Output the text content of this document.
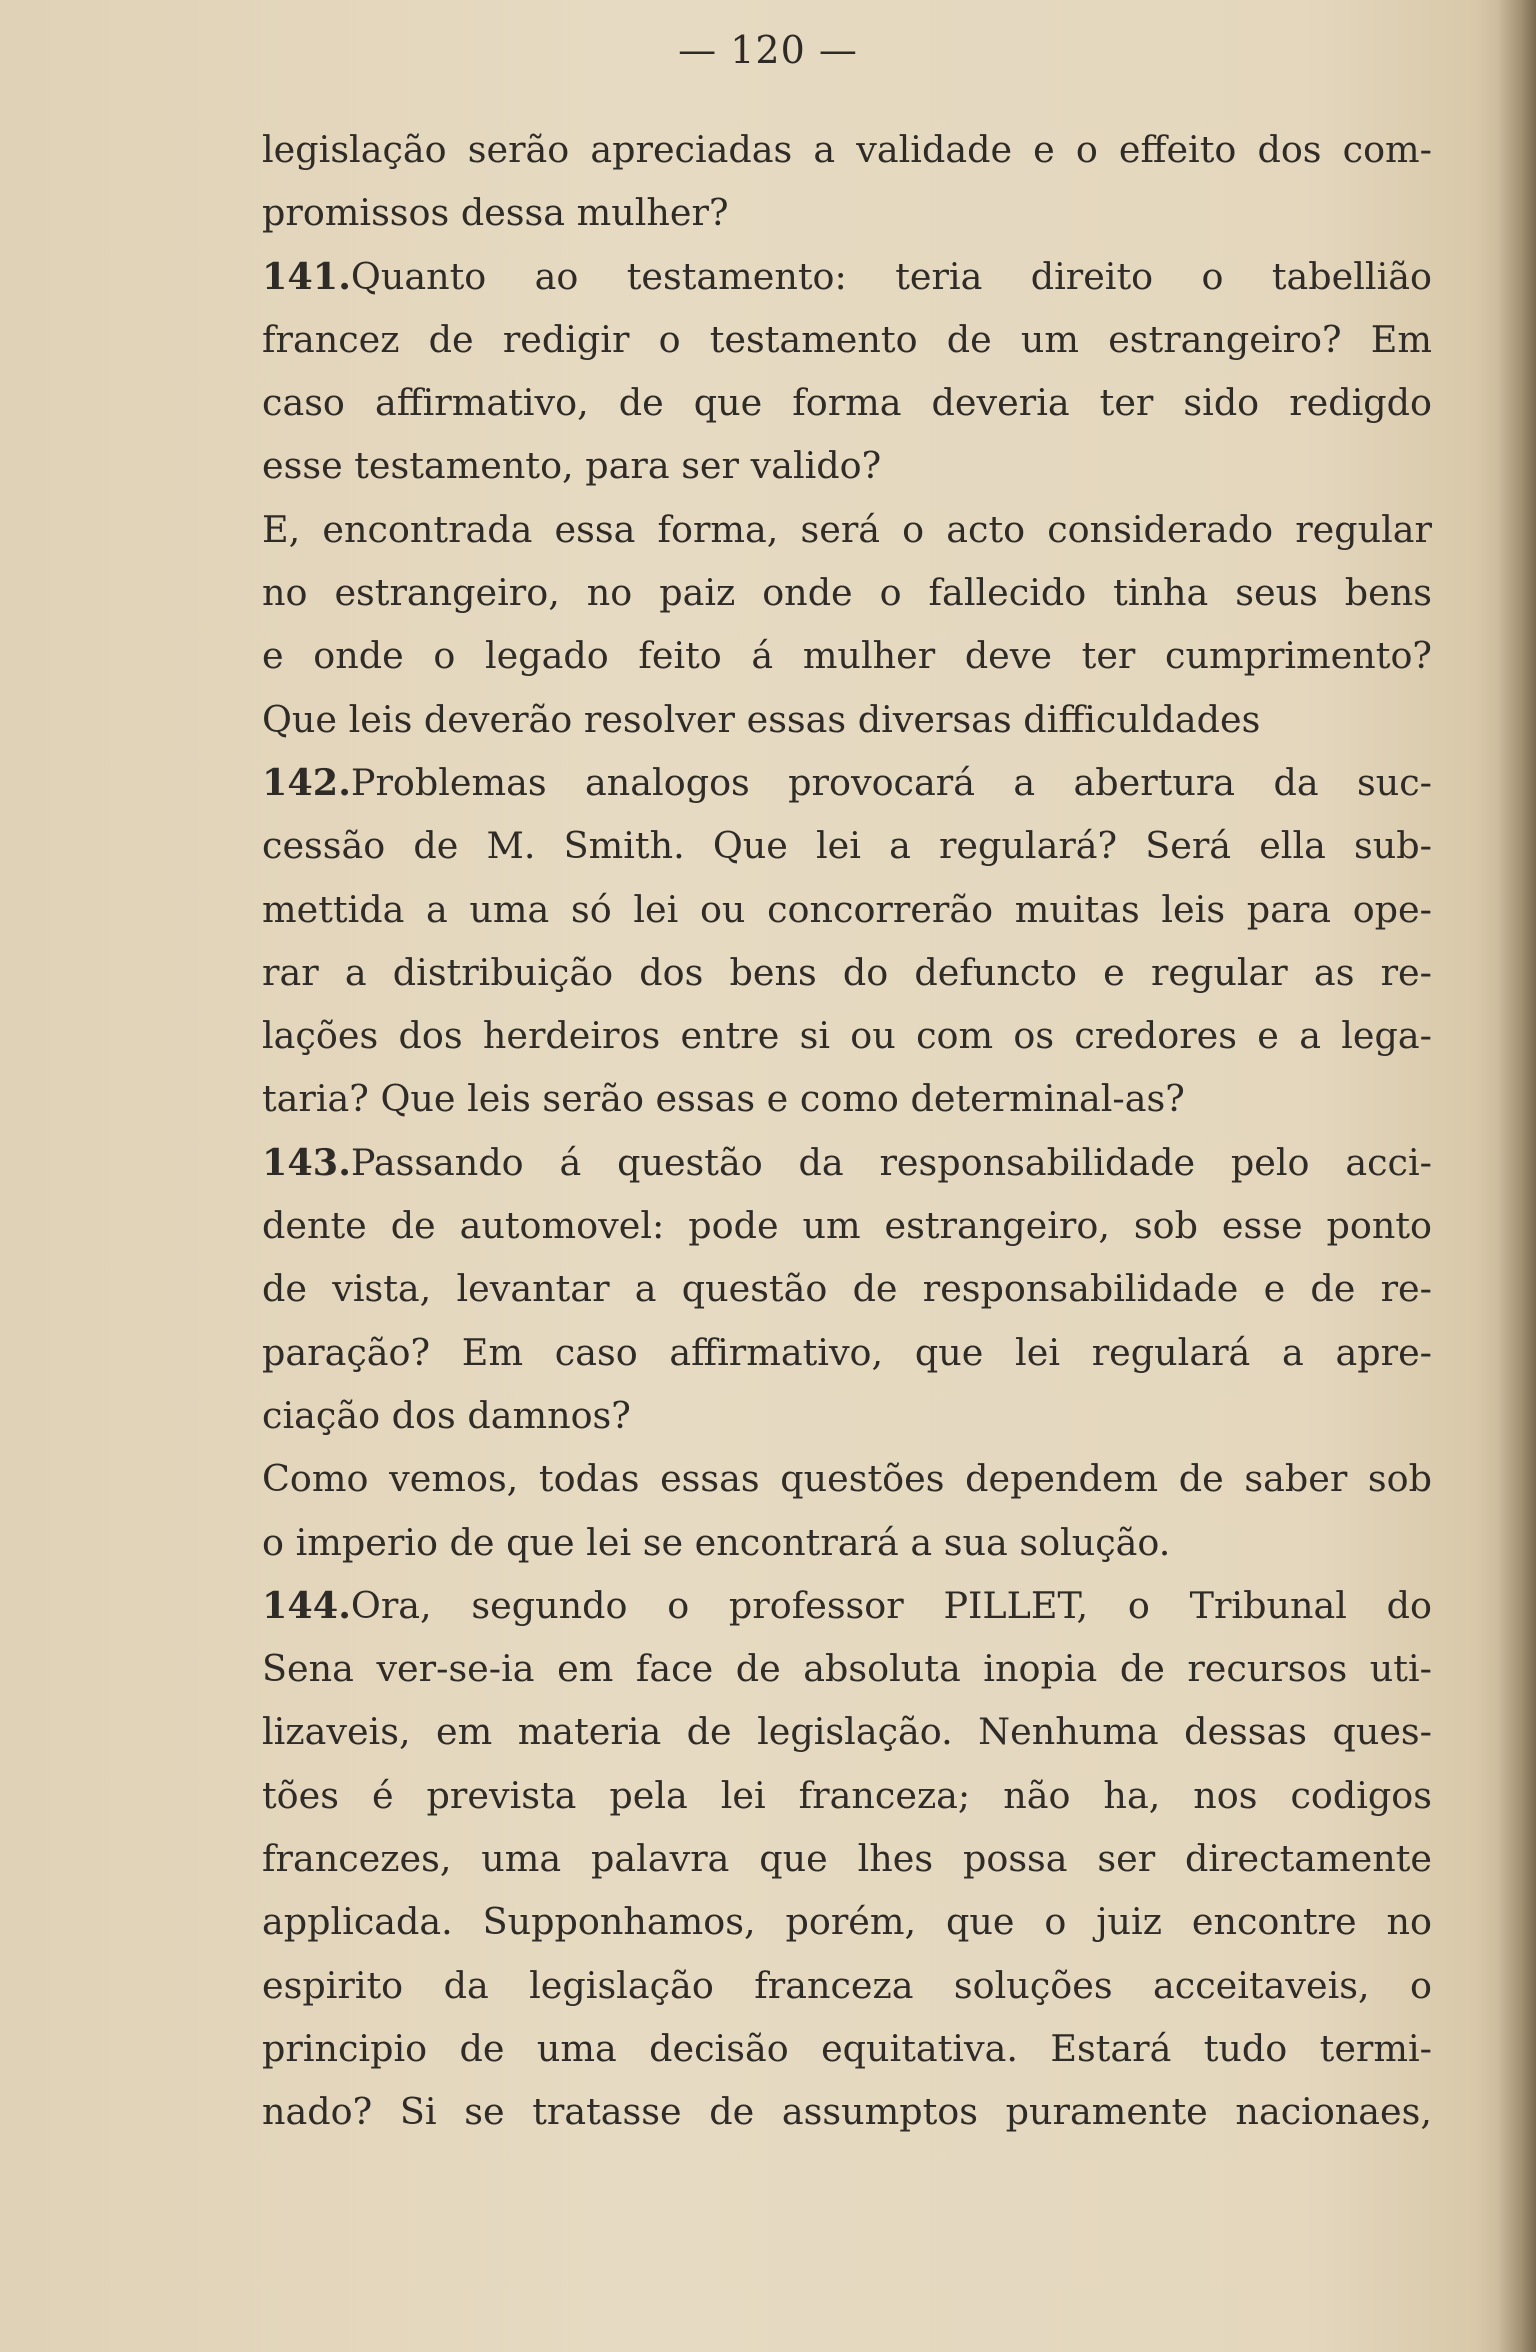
— 120 —
legislação serão apreciadas a validade e o effeito dos com-
promissos dessa mulher?
141.Quanto ao testamento: teria direito o tabellião
francez de redigir o testamento de um estrangeiro? Em
caso affirmativo, de que forma deveria ter sido redigdo
esse testamento, para ser valido?
E, encontrada essa forma, será o acto considerado regular
no estrangeiro, no paiz onde o fallecido tinha seus bens
e onde o legado feito á mulher deve ter cumprimento?
Que leis deverão resolver essas diversas difficuldades
142.Problemas analogos provocará a abertura da suc-
cessão de M. Smith. Que lei a regulará? Será ella sub-
mettida a uma só lei ou concorrerão muitas leis para ope-
rar a distribuição dos bens do defuncto e regular as re-
lações dos herdeiros entre si ou com os credores e a lega-
taria? Que leis serão essas e como determinal-as?
143.Passando á questão da responsabilidade pelo acci-
dente de automovel: pode um estrangeiro, sob esse ponto
de vista, levantar a questão de responsabilidade e de re-
paração? Em caso affirmativo, que lei regulará a apre-
ciação dos damnos?
Como vemos, todas essas questões dependem de saber sob
o imperio de que lei se encontrará a sua solução.
144.Ora, segundo o professor PILLET, o Tribunal do
Sena ver-se-ia em face de absoluta inopia de recursos uti-
lizaveis, em materia de legislação. Nenhuma dessas ques-
tões é prevista pela lei franceza; não ha, nos codigos
francezes, uma palavra que lhes possa ser directamente
applicada. Supponhamos, porém, que o juiz encontre no
espirito da legislação franceza soluções acceitaveis, o
principio de uma decisão equitativa. Estará tudo termi-
nado? Si se tratasse de assumptos puramente nacionaes,
